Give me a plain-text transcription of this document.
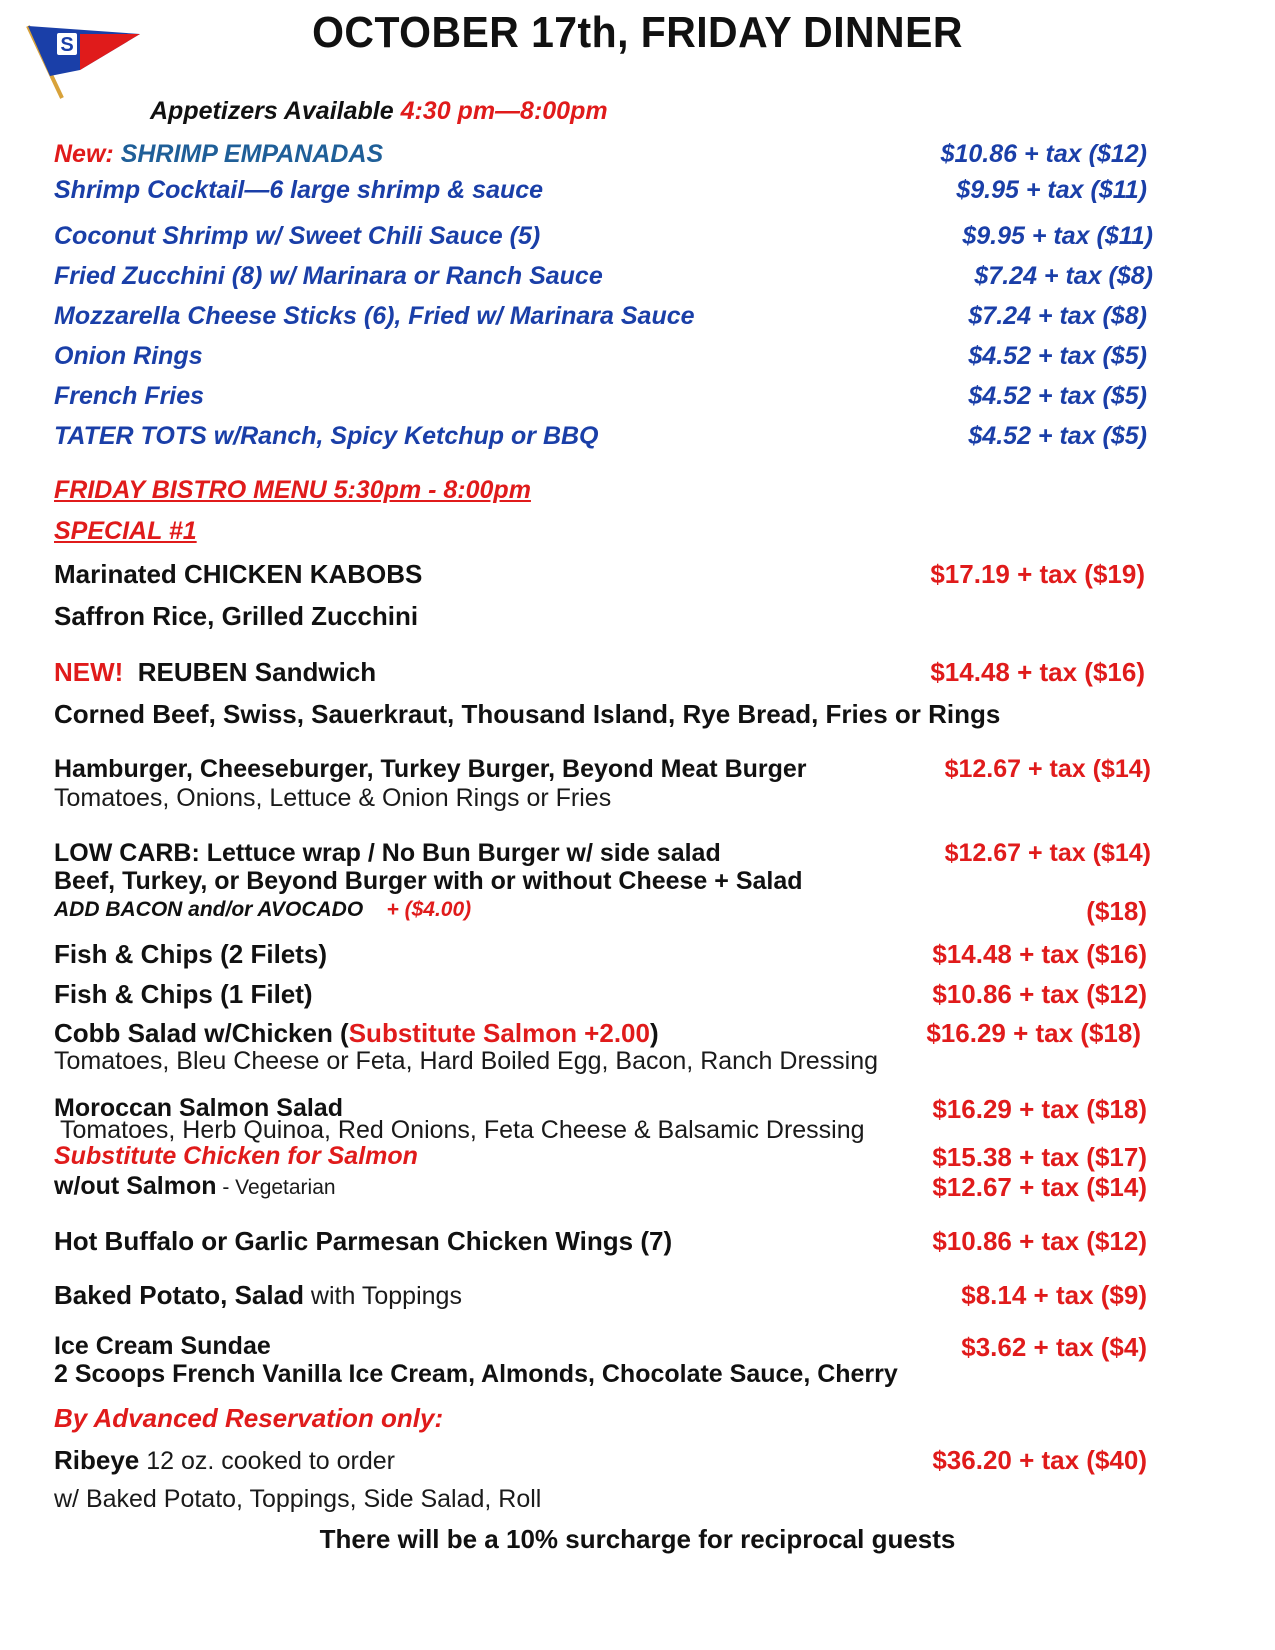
S	OCTOBER 17th, FRIDAY DINNER
Appetizers Available 4:30 pm—8:00pm
New: SHRIMP EMPANADAS	$10.86 + tax ($12)
Shrimp Cocktail—6 large shrimp & sauce	$9.95 + tax ($11)
Coconut Shrimp w/ Sweet Chili Sauce (5)	$9.95 + tax ($11)
Fried Zucchini (8) w/ Marinara or Ranch Sauce	$7.24 + tax ($8)
Mozzarella Cheese Sticks (6), Fried w/ Marinara Sauce	$7.24 + tax ($8)
Onion Rings	$4.52 + tax ($5)
French Fries	$4.52 + tax ($5)
TATER TOTS w/Ranch, Spicy Ketchup or BBQ	$4.52 + tax ($5)
FRIDAY BISTRO MENU 5:30pm - 8:00pm
SPECIAL #1
Marinated CHICKEN KABOBS	$17.19 + tax ($19)
Saffron Rice, Grilled Zucchini
NEW! REUBEN Sandwich	$14.48 + tax ($16)
Corned Beef, Swiss, Sauerkraut, Thousand Island, Rye Bread, Fries or Rings
Hamburger, Cheeseburger, Turkey Burger, Beyond Meat Burger	$12.67 + tax ($14)
Tomatoes, Onions, Lettuce & Onion Rings or Fries
LOW CARB: Lettuce wrap / No Bun Burger w/ side salad	$12.67 + tax ($14)
Beef, Turkey, or Beyond Burger with or without Cheese + Salad
ADD BACON and/or AVOCADO + ($4.00)	($18)
Fish & Chips (2 Filets)	$14.48 + tax ($16)
Fish & Chips (1 Filet)	$10.86 + tax ($12)
Cobb Salad w/Chicken (Substitute Salmon +2.00)	$16.29 + tax ($18)
Tomatoes, Bleu Cheese or Feta, Hard Boiled Egg, Bacon, Ranch Dressing
Moroccan Salmon Salad	$16.29 + tax ($18)
Tomatoes, Herb Quinoa, Red Onions, Feta Cheese & Balsamic Dressing
Substitute Chicken for Salmon	$15.38 + tax ($17)
w/out Salmon - Vegetarian	$12.67 + tax ($14)
Hot Buffalo or Garlic Parmesan Chicken Wings (7)	$10.86 + tax ($12)
Baked Potato, Salad with Toppings	$8.14 + tax ($9)
Ice Cream Sundae	$3.62 + tax ($4)
2 Scoops French Vanilla Ice Cream, Almonds, Chocolate Sauce, Cherry
By Advanced Reservation only:
Ribeye 12 oz. cooked to order	$36.20 + tax ($40)
w/ Baked Potato, Toppings, Side Salad, Roll
There will be a 10% surcharge for reciprocal guests
